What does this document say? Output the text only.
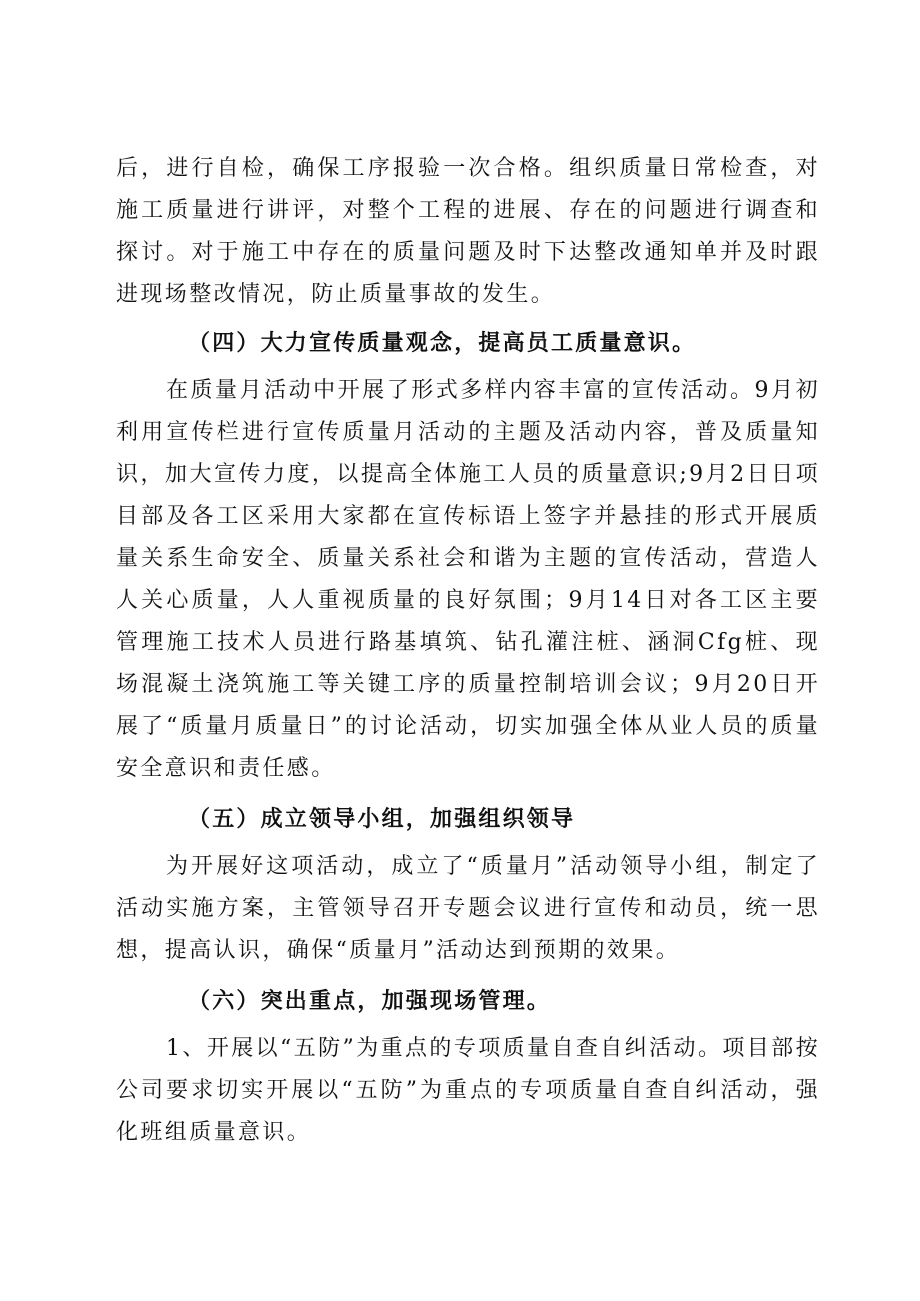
后，进行自检，确保工序报验一次合格。组织质量日常检查，对施工质量进行讲评，对整个工程的进展、存在的问题进行调查和探讨。对于施工中存在的质量问题及时下达整改通知单并及时跟进现场整改情况，防止质量事故的发生。

（四）大力宣传质量观念，提高员工质量意识。

在质量月活动中开展了形式多样内容丰富的宣传活动。9月初利用宣传栏进行宣传质量月活动的主题及活动内容，普及质量知识，加大宣传力度，以提高全体施工人员的质量意识;9月2日日项目部及各工区采用大家都在宣传标语上签字并悬挂的形式开展质量关系生命安全、质量关系社会和谐为主题的宣传活动，营造人人关心质量，人人重视质量的良好氛围；9月14日对各工区主要管理施工技术人员进行路基填筑、钻孔灌注桩、涵洞Cfg桩、现场混凝土浇筑施工等关键工序的质量控制培训会议；9月20日开展了“质量月质量日”的讨论活动，切实加强全体从业人员的质量安全意识和责任感。

（五）成立领导小组，加强组织领导

为开展好这项活动，成立了“质量月”活动领导小组，制定了活动实施方案，主管领导召开专题会议进行宣传和动员，统一思想，提高认识，确保“质量月”活动达到预期的效果。

（六）突出重点，加强现场管理。

1、开展以“五防”为重点的专项质量自查自纠活动。项目部按公司要求切实开展以“五防”为重点的专项质量自查自纠活动，强化班组质量意识。
